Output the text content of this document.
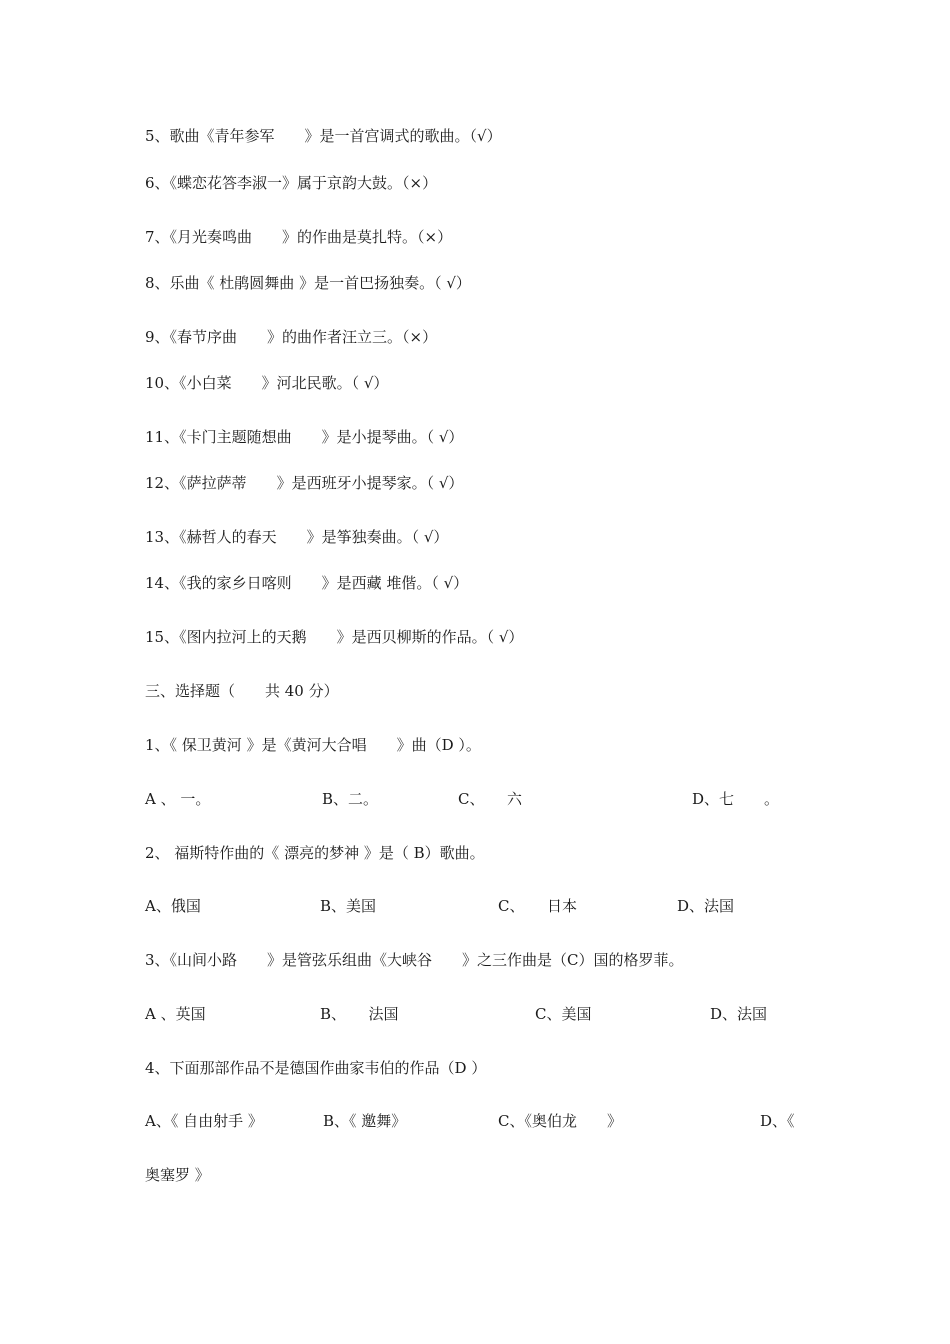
5、歌曲《青年参军　　》是一首宫调式的歌曲。（√）
6、《蝶恋花答李淑一》属于京韵大鼓。（×）
7、《月光奏鸣曲　　》的作曲是莫扎特。（×）
8、乐曲《 杜鹃圆舞曲 》是一首巴扬独奏。（ √）
9、《春节序曲　　》的曲作者汪立三。（×）
10、《小白菜　　》河北民歌。（ √）
11、《卡门主题随想曲　　》是小提琴曲。（ √）
12、《萨拉萨蒂　　》是西班牙小提琴家。（ √）
13、《赫哲人的春天　　》是筝独奏曲。（ √）
14、《我的家乡日喀则　　》是西藏 堆偕。（ √）
15、《图内拉河上的天鹅　　》是西贝柳斯的作品。（ √）
三、选择题（　　共 40 分）
1、《 保卫黄河 》是《黄河大合唱　　》曲（D ）。
A 、 一。	B、二。	C、　　六	D、七　　。
2、 福斯特作曲的《 漂亮的梦神 》是（ B）歌曲。
A、俄国	B、美国	C、　　日本	D、法国
3、《山间小路　　》是管弦乐组曲《大峡谷　　》之三作曲是（C）国的格罗菲。
A 、英国	B、　　法国	C、美国	D、法国
4、下面那部作品不是德国作曲家韦伯的作品（D ）
A、《 自由射手 》	B、《 邀舞》	C、《奥伯龙　　》	D、《
奥塞罗 》
